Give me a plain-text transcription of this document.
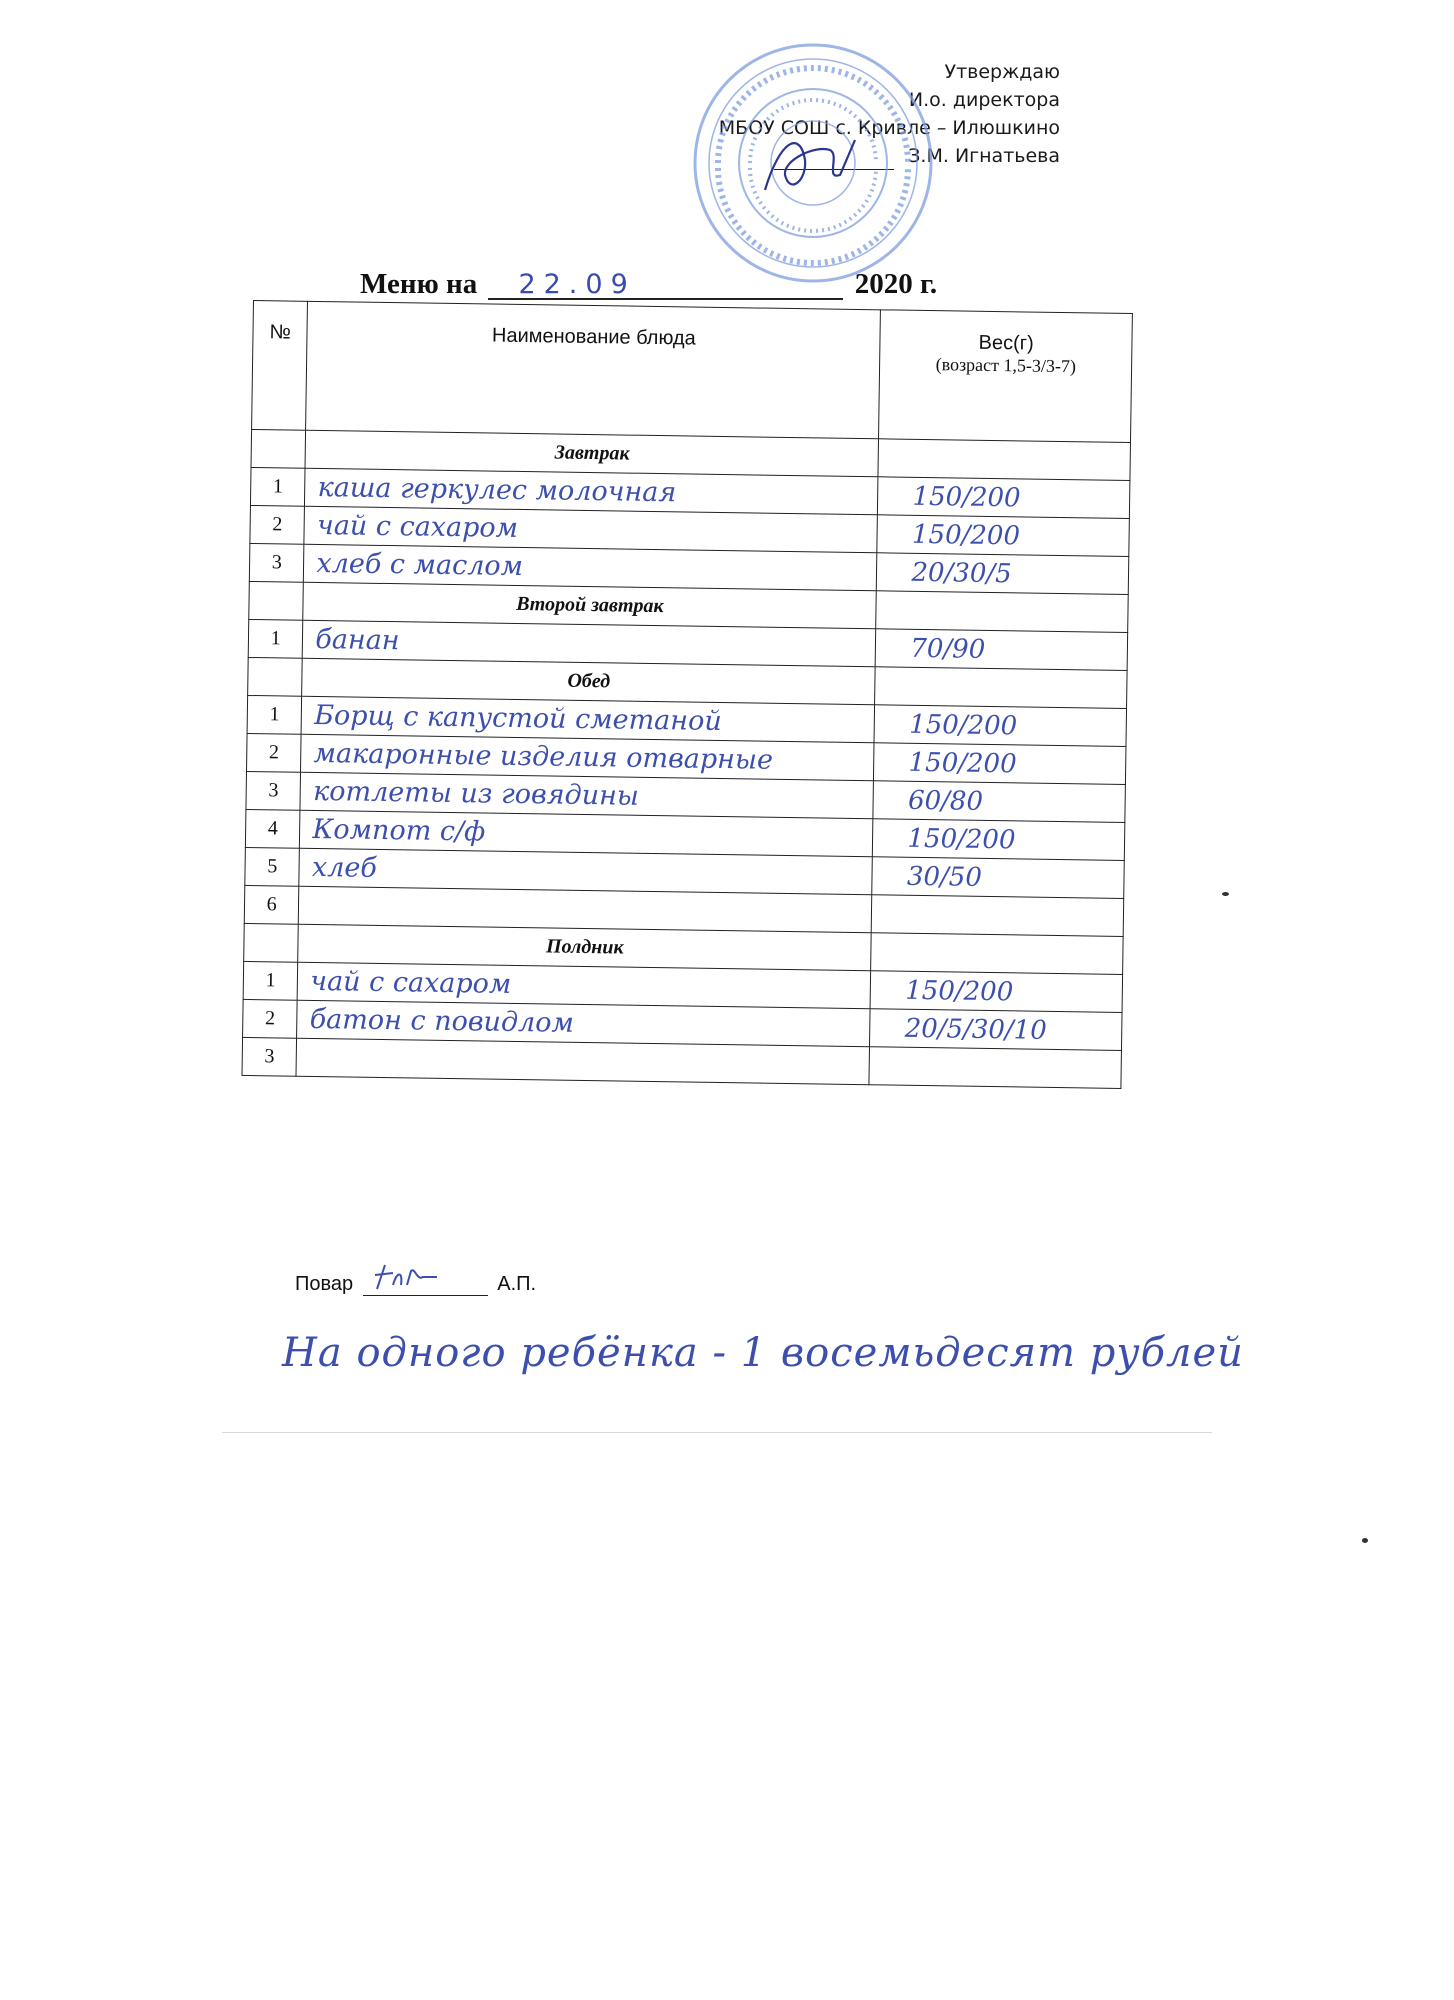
Утверждаю
И.о. директора
МБОУ СОШ с. Кривле – Илюшкино
З.М. Игнатьева
Меню на 22.09	2020 г.
№	Наименование блюда	Вес(г)
(возраст 1,5-3/3-7)

	Завтрак	
1	каша геркулес молочная	150/200
2	чай с сахаром	150/200
3	хлеб с маслом	20/30/5
	Второй завтрак	
1	банан	70/90
	Обед	
1	Борщ с капустой сметаной	150/200
2	макаронные изделия отварные	150/200
3	котлеты из говядины	60/80
4	Компот с/ф	150/200
5	хлеб	30/50
6		
	Полдник	
1	чай с сахаром	150/200
2	батон с повидлом	20/5/30/10
3		
Повар	А.П.
На одного ребёнка - 1 восемьдесят рублей
